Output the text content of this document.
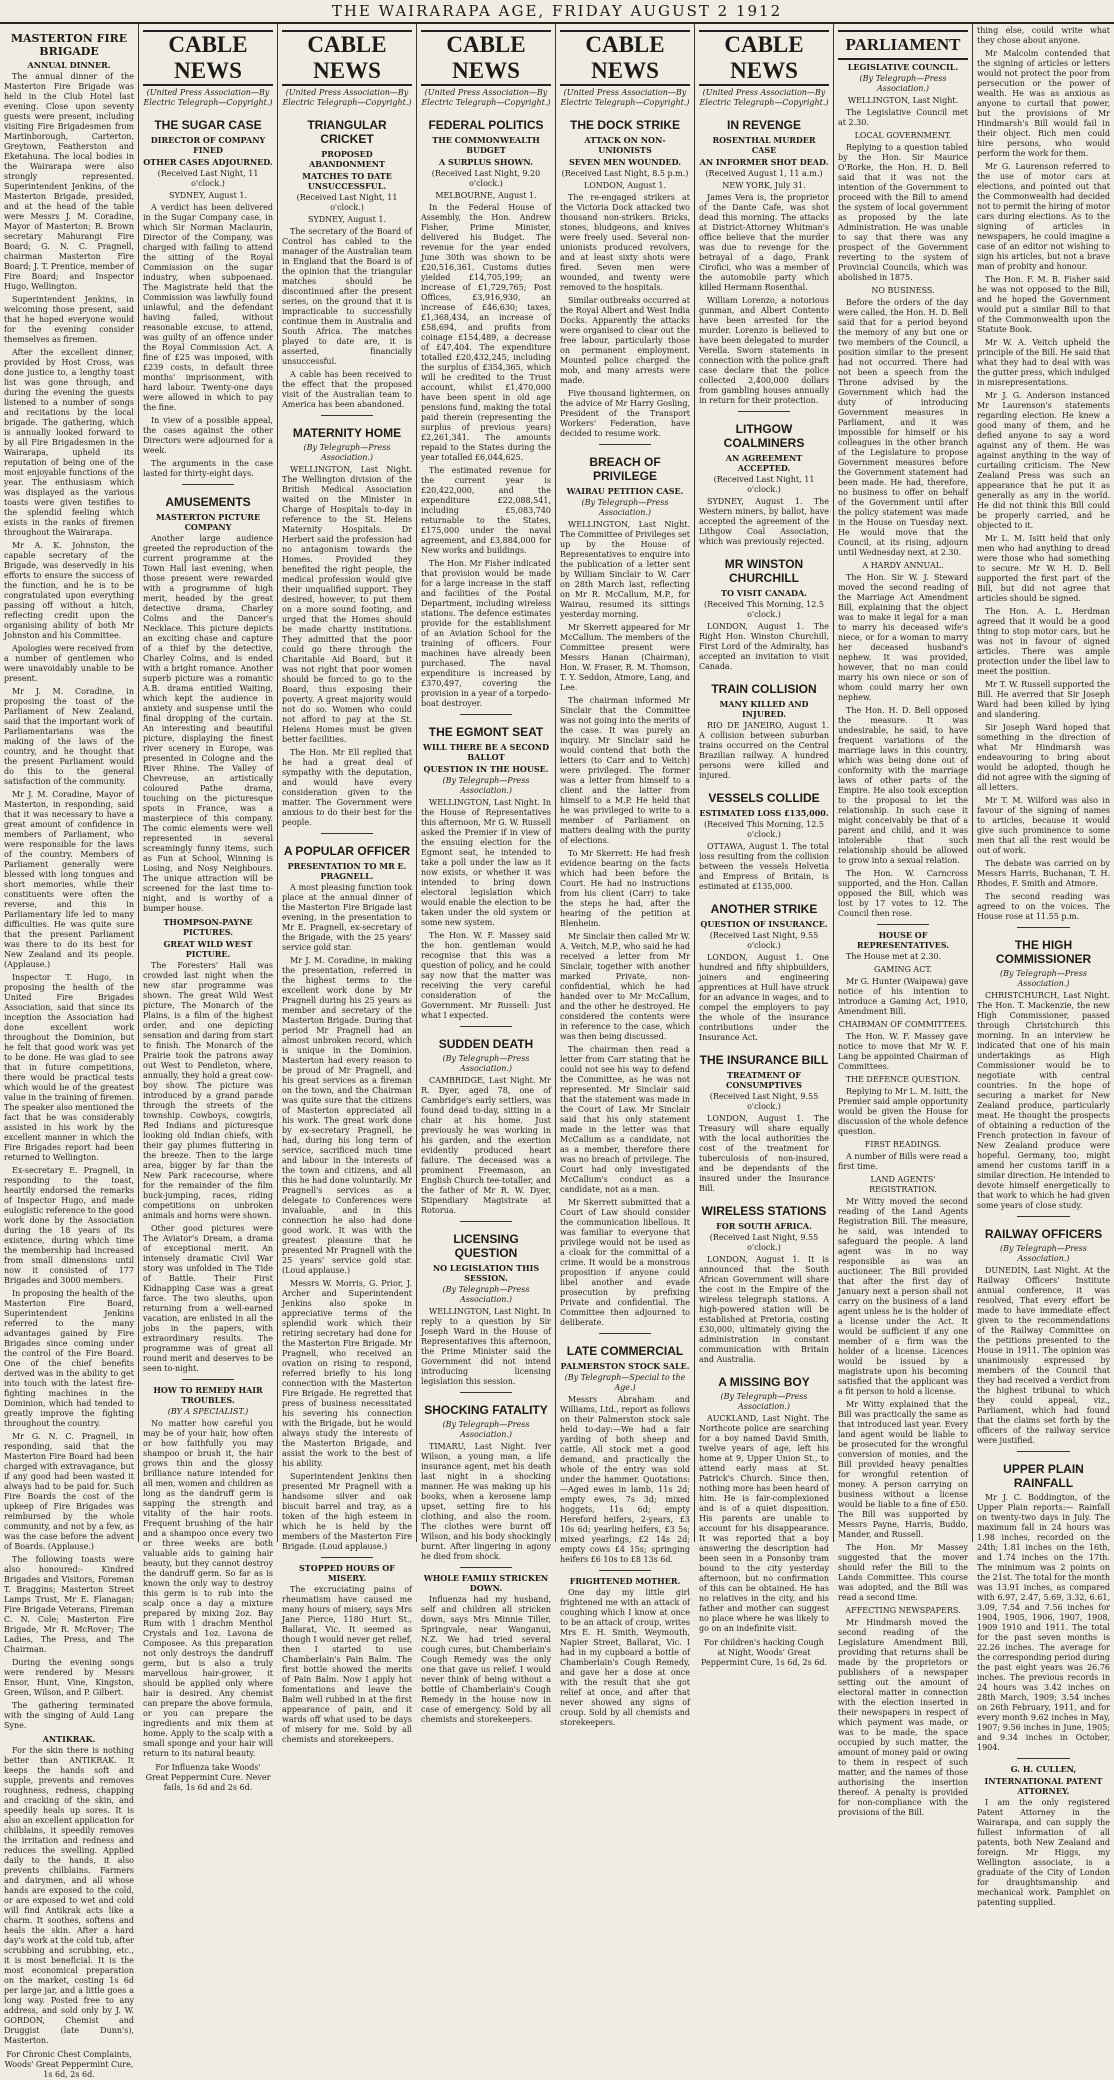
THE WAIRARAPA AGE, FRIDAY AUGUST 2 1912
MASTERTON FIRE BRIGADE
ANNUAL DINNER.

The annual dinner of the Masterton Fire Brigade was held in the Club Hotel last evening. Close upon seventy guests were present, including visiting Fire Brigadesmen from Martinborough, Carterton, Greytown, Featherston and Eketahuna. The local bodies in the Wairarapa were also strongly represented. Superintendent Jenkins, of the Masterton Brigade, presided, and at the head of the table were Messrs J. M. Coradine, Mayor of Masterton; R. Brown secretary Mahurangi Fire Board; G. N. C. Pragnell, chairman Masterton Fire Board; J. T. Prentice, member of Fire Board; and Inspector Hugo, Wellington.

Superintendent Jenkins, in welcoming those present, said that he hoped everyone would for the evening consider themselves as firemen.

After the excellent dinner, provided by Host Cross, was done justice to, a lengthy toast list was gone through, and during the evening the guests listened to a number of songs and recitations by the local brigade. The gathering, which is annually looked forward to by all Fire Brigadesmen in the Wairarapa, upheld its reputation of being one of the most enjoyable functions of the year. The enthusiasm which was displayed as the various toasts were given testifies to the splendid feeling which exists in the ranks of firemen throughout the Wairarapa.

Mr A. K. Johnston, the capable secretary of the Brigade, was deservedly in his efforts to ensure the success of the function, and he is to be congratulated upon everything passing off without a hitch, reflecting credit upon the organising ability of both Mr Johnston and his Committee.

Apologies were received from a number of gentlemen who were unavoidably unable to be present.

Mr J. M. Coradine, in proposing the toast of the Parliament of New Zealand, said that the important work of Parliamentarians was the making of the laws of the country, and he thought that the present Parliament would do this to the general satisfaction of the community.

Mr J. M. Coradine, Mayor of Masterton, in responding, said that it was necessary to have a great amount of confidence in members of Parliament, who were responsible for the laws of the country. Members of Parliament generally were blessed with long tongues and short memories, while their constituents were often the reverse, and this in Parliamentary life led to many difficulties. He was quite sure that the present Parliament was there to do its best for New Zealand and its people. (Applause.)

Inspector T. Hugo, in proposing the health of the United Fire Brigades Association, said that since its inception the Association had done excellent work throughout the Dominion, but he felt that good work was yet to be done. He was glad to see that in future competitions, there would be practical tests which would be of the greatest value in the training of firemen. The speaker also mentioned the fact that he was considerably assisted in his work by the excellent manner in which the Fire Brigades report had been returned to Wellington.

Ex-secretary E. Pragnell, in responding to the toast, heartily endorsed the remarks of Inspector Hugo, and made eulogistic reference to the good work done by the Association during the 18 years of its existence, during which time the membership had increased from small dimensions until now it consisted of 177 Brigades and 3000 members.

In proposing the health of the Masterton Fire Board, Superintendent Jenkins referred to the many advantages gained by Fire Brigades since coming under the control of the Fire Board. One of the chief benefits derived was in the ability to get into touch with the latest fire-fighting machines in the Dominion, which had tended to greatly improve the fighting throughout the country.

Mr G. N. C. Pragnell, in responding, said that the Masterton Fire Board had been charged with extravagance, but if any good had been wasted it always had to be paid for. Such Fire Boards the cost of the upkeep of Fire Brigades was reimbursed by the whole community, and not by a few, as was the case before the advent of Boards. (Applause.)

The following toasts were also honoured:- Kindred Brigades and Visitors, Foreman T. Braggins; Masterton Street Lamps Trust, Mr E. Flanagan; Fire Brigade Veterans, Fireman C. N. Cole; Masterton Fire Brigade, Mr R. McRover; The Ladies, The Press, and The Chairman.

During the evening songs were rendered by Messrs Ensor, Hunt, Vine, Kingston, Green, Wilson, and P. Gilbert.

The gathering terminated with the singing of Auld Lang Syne.

ANTIKRAK.

For the skin there is nothing better than ANTIKRAK. It keeps the hands soft and supple, prevents and removes roughness, redness, chapping and cracking of the skin, and speedily heals up sores. It is also an excellent application for chilblains, it speedily removes the irritation and redness and reduces the swelling. Applied daily to the hands, it also prevents chilblains. Farmers and dairymen, and all whose hands are exposed to the cold, or are exposed to wet and cold will find Antikrak acts like a charm. It soothes, softens and heals the skin. After a hard day's work at the cold tub, after scrubbing and scrubbing, etc., it is most beneficial. It is the most economical preparation on the market, costing 1s 6d per large jar, and a little goes a long way. Posted free to any address, and sold only by J. W. GORDON, Chemist and Druggist (late Dunn's), Masterton.

For Chronic Chest Complaints, Woods' Great Peppermint Cure, 1s 6d, 2s 6d.
CABLE NEWS
(United Press Association—By Electric Telegraph—Copyright.)
THE SUGAR CASE
DIRECTOR OF COMPANY FINED
OTHER CASES ADJOURNED.
(Received Last Night, 11 o'clock.)
SYDNEY, August 1.

A verdict has been delivered in the Sugar Company case, in which Sir Norman Maclaurin, Director of the Company, was charged with failing to attend the sitting of the Royal Commission on the sugar industry, when subpoenaed. The Magistrate held that the Commission was lawfully found unlawful, and the defendant having failed, without reasonable excuse, to attend, was guilty of an offence under the Royal Commission Act. A fine of £25 was imposed, with £239 costs, in default three months' imprisonment, with hard labour. Twenty-one days were allowed in which to pay the fine.

In view of a possible appeal, the cases against the other Directors were adjourned for a week.

The arguments in the case lasted for thirty-eight days.

AMUSEMENTS
MASTERTON PICTURE COMPANY

Another large audience greeted the reproduction of the current programme at the Town Hall last evening, when those present were rewarded with a programme of high merit, headed by the great detective drama, Charley Colms and the Dancer's Necklace. This picture depicts an exciting chase and capture of a thief by the detective, Charley Colms, and is ended with a bright romance. Another superb picture was a romantic A.B. drama entitled Waiting, which kept the audience in anxiety and suspense until the final dropping of the curtain. An interesting and beautiful picture, displaying the finest river scenery in Europe, was presented in Cologne and the River Rhine. The Valley of Chevreuse, an artistically coloured Pathe drama, touching on the picturesque spots in France, was a masterpiece of this company. The comic elements were well represented in several screamingly funny items, such as Fun at School, Winning is Losing, and Nosy Neighbours. The unique attraction will be screened for the last time to-night, and is worthy of a bumper house.

THOMPSON-PAYNE PICTURES.
GREAT WILD WEST PICTURE.

The Foresters' Hall was crowded last night when the new star programme was shown. The great Wild West picture, The Monarch of the Plains, is a film of the highest order, and one depicting sensation and daring from start to finish. The Monarch of the Prairie took the patrons away out West to Pendleton, where, annually, they hold a great cow-boy show. The picture was introduced by a grand parade through the streets of the township. Cowboys, cowgirls, Red Indians and picturesque looking old Indian chiefs, with their gay plumes fluttering in the breeze. Then to the large area, bigger by far than the New Park racecourse, where for the remainder of the film buck-jumping, races, riding competitions on unbroken animals and horns were shown.

Other good pictures were The Aviator's Dream, a drama of exceptional merit. An intensely dramatic Civil War story was unfolded in The Tide of Battle. Their First Kidnapping Case was a great farce. The two sleuths, upon returning from a well-earned vacation, are enlisted in all the jobs in the papers, with extraordinary results. The programme was of great all round merit and deserves to be seen to-night.

HOW TO REMEDY HAIR TROUBLES.
(BY A SPECIALIST.)

No matter how careful you may be of your hair, how often or how faithfully you may shampoo or brush it, the hair grows thin and the glossy brilliance nature intended for all men, women and children as long as the dandruff germ is sapping the strength and vitality of the hair roots. Frequent brushing of the hair and a shampoo once every two or three weeks are both valuable aids to gaining hair beauty, but they cannot destroy the dandruff germ. So far as is known the only way to destroy this germ is to rub into the scalp once a day a mixture prepared by mixing 2oz. Bay Rum with 1 drachm Menthol Crystals and 1oz. Lavona de Composee. As this preparation not only destroys the dandruff germ, but is also a truly marvellous hair-grower, it should be applied only where hair is desired. Any chemist can prepare the above formula, or you can prepare the ingredients and mix them at home. Apply to the scalp with a small sponge and your hair will return to its natural beauty.

For Influenza take Woods' Great Peppermint Cure. Never fails, 1s 6d and 2s 6d.
CABLE NEWS
(United Press Association—By Electric Telegraph—Copyright.)
TRIANGULAR CRICKET
PROPOSED ABANDONMENT
MATCHES TO DATE UNSUCCESSFUL.
(Received Last Night, 11 o'clock.)
SYDNEY, August 1.

The secretary of the Board of Control has cabled to the manager of the Australian team in England that the Board is of the opinion that the triangular matches should be discontinued after the present series, on the ground that it is impracticable to successfully continue them in Australia and South Africa. The matches played to date are, it is asserted, financially unsuccessful.

A cable has been received to the effect that the proposed visit of the Australian team to America has been abandoned.

MATERNITY HOME
(By Telegraph—Press Association.)

WELLINGTON, Last Night. The Wellington division of the British Medical Association waited on the Minister in Charge of Hospitals to-day in reference to the St. Helens Maternity Hospitals. Dr Herbert said the profession had no antagonism towards the Homes. Provided they benefited the right people, the medical profession would give their unqualified support. They desired, however, to put them on a more sound footing, and urged that the Homes should be made charity institutions. They admitted that the poor could go there through the Charitable Aid Board, but it was not right that poor women should be forced to go to the Board, thus exposing their poverty. A great majority would not do so. Women who could not afford to pay at the St. Helens Homes must be given better facilities.

The Hon. Mr Ell replied that he had a great deal of sympathy with the deputation, and would have every consideration given to the matter. The Government were anxious to do their best for the people.

A POPULAR OFFICER
PRESENTATION TO MR E. PRAGNELL.

A most pleasing function took place at the annual dinner of the Masterton Fire Brigade last evening, in the presentation to Mr E. Pragnell, ex-secretary of the Brigade, with the 25 years' service gold star.

Mr J. M. Coradine, in making the presentation, referred in the highest terms to the excellent work done by Mr Pragnell during his 25 years as member and secretary of the Masterton Brigade. During that period Mr Pragnell had an almost unbroken record, which is unique in the Dominion. Masterton had every reason to be proud of Mr Pragnell, and his great services as a fireman on the town, and the Chairman was quite sure that the citizens of Masterton appreciated all his work. The great work done by ex-secretary Pragnell, he had, during his long term of service, sacrificed much time and labour in the interests of the town and citizens, and all this he had done voluntarily. Mr Pragnell's services as a delegate to Conferences were invaluable, and in this connection he also had done good work. It was with the greatest pleasure that he presented Mr Pragnell with the 25 years' service gold star. (Loud applause.)

Messrs W. Morris, G. Prior, J. Archer and Superintendent Jenkins also spoke in appreciative terms of the splendid work which their retiring secretary had done for the Masterton Fire Brigade. Mr Pragnell, who received an ovation on rising to respond, referred briefly to his long connection with the Masterton Fire Brigade. He regretted that press of business necessitated his severing his connection with the Brigade, but he would always study the interests of the Masterton Brigade, and assist the work to the best of his ability.

Superintendent Jenkins then presented Mr Pragnell with a handsome silver and oak biscuit barrel and tray, as a token of the high esteem in which he is held by the members of the Masterton Fire Brigade. (Loud applause.)

STOPPED HOURS OF MISERY.

The excruciating pains of rheumatism have caused me many hours of misery, says Mrs Jane Pierce, 1180 Hurt St., Ballarat, Vic. It seemed as though I would never get relief, then I started to use Chamberlain's Pain Balm. The first bottle showed the merits of Pain Balm. Now I apply hot fomentations and leave the Balm well rubbed in at the first appearance of pain, and it wards off what used to be days of misery for me. Sold by all chemists and storekeepers.

CABLE NEWS
(United Press Association—By Electric Telegraph—Copyright.)
FEDERAL POLITICS
THE COMMONWEALTH BUDGET
A SURPLUS SHOWN.
(Received Last Night, 9.20 o'clock.)
MELBOURNE, August 1.

In the Federal House of Assembly, the Hon. Andrew Fisher, Prime Minister, delivered his Budget. The revenue for the year ended June 30th was shown to be £20,516,361. Customs duties yielded £14,705,199; an increase of £1,729,765; Post Offices, £3,916,930, an increase of £46,630; taxes, £1,368,434, an increase of £58,694, and profits from coinage £154,489, a decrease of £47,404. The expenditure totalled £20,432,245, including the surplus of £354,365, which will be credited to the Trust account, whilst £1,470,000 have been spent in old age pensions fund, making the total paid therein (representing the surplus of previous years) £2,261,341. The amounts repaid to the States during the year totalled £6,044,625.

The estimated revenue for the current year is £20,422,000, and the expenditure £22,088,541, including £5,083,740 returnable to the States, £175,000 under the naval agreement, and £3,884,000 for New works and buildings.

The Hon. Mr Fisher indicated that provision would be made for a large increase in the staff and facilities of the Postal Department, including wireless stations. The defence estimates provide for the establishment of an Aviation School for the training of officers. Four machines have already been purchased. The naval expenditure is increased by £370,497, covering the provision in a year of a torpedo-boat destroyer.

THE EGMONT SEAT
WILL THERE BE A SECOND BALLOT
QUESTION IN THE HOUSE.
(By Telegraph—Press Association.)

WELLINGTON, Last Night. In the House of Representatives this afternoon, Mr G. W. Russell asked the Premier if in view of the ensuing election for the Egmont seat, he intended to take a poll under the law as it now exists, or whether it was intended to bring down electoral legislation which would enable the election to be taken under the old system or some new system.

The Hon. W. F. Massey said the hon. gentleman would recognise that this was a question of policy, and he could say now that the matter was receiving the very careful consideration of the Government. Mr Russell: Just what I expected.

SUDDEN DEATH
(By Telegraph—Press Association.)

CAMBRIDGE, Last Night. Mr R. Dyer, aged 78, one of Cambridge's early settlers, was found dead to-day, sitting in a chair at his home. Just previously he was working in his garden, and the exertion evidently produced heart failure. The deceased was a prominent Freemason, an English Church tee-totaller, and the father of Mr R. W. Dyer, Stipendiary Magistrate at Rotorua.

LICENSING QUESTION
NO LEGISLATION THIS SESSION.
(By Telegraph—Press Association.)

WELLINGTON, Last Night. In reply to a question by Sir Joseph Ward in the House of Representatives this afternoon, the Prime Minister said the Government did not intend introducing licensing legislation this session.

SHOCKING FATALITY
(By Telegraph—Press Association.)

TIMARU, Last Night. Iver Wilson, a young man, a life insurance agent, met his death last night in a shocking manner. He was making up his books, when a kerosene lamp upset, setting fire to his clothing, and also the room. The clothes were burnt off Wilson, and his body shockingly burnt. After lingering in agony he died from shock.

WHOLE FAMILY STRICKEN DOWN.

Influenza had my husband, self and children all stricken down, says Mrs Minnie Tiller, Springvale, near Wanganui, N.Z. We had tried several cough cures, but Chamberlain's Cough Remedy was the only one that gave us relief. I would never think of being without a bottle of Chamberlain's Cough Remedy in the house now in case of emergency. Sold by all chemists and storekeepers.

CABLE NEWS
(United Press Association—By Electric Telegraph—Copyright.)
THE DOCK STRIKE
ATTACK ON NON-UNIONISTS
SEVEN MEN WOUNDED.
(Received Last Night, 8.5 p.m.)
LONDON, August 1.

The re-engaged strikers at the Victoria Dock attacked two thousand non-strikers. Bricks, stones, bludgeons, and knives were freely used. Several non-unionists produced revolvers, and at least sixty shots were fired. Seven men were wounded, and twenty were removed to the hospitals.

Similar outbreaks occurred at the Royal Albert and West India Docks. Apparently the attacks were organised to clear out the free labour, particularly those on permanent employment. Mounted police charged the mob, and many arrests were made.

Five thousand lightermen, on the advice of Mr Harry Gosling, President of the Transport Workers' Federation, have decided to resume work.

BREACH OF PRIVILEGE
WAIRAU PETITION CASE.
(By Telegraph—Press Association.)

WELLINGTON, Last Night. The Committee of Privileges set up by the House of Representatives to enquire into the publication of a letter sent by William Sinclair to W. Carr on 28th March last, reflecting on Mr R. McCallum, M.P., for Wairau, resumed its sittings yesterday morning.

Mr Skerrett appeared for Mr McCallum. The members of the Committee present were Messrs Hanan (Chairman), Hon. W. Fraser, R. M. Thomson, T. Y. Seddon, Atmore, Lang, and Lee.

The chairman informed Mr Sinclair that the Committee was not going into the merits of the case. It was purely an inquiry. Mr Sinclair said he would contend that both the letters (to Carr and to Veitch) were privileged. The former was a letter from himself to a client and the latter from himself to a M.P. He held that he was privileged to write to a member of Parliament on matters dealing with the purity of elections.

To Mr Skerrett: He had fresh evidence bearing on the facts which had been before the Court. He had no instructions from his client (Carr) to take the steps he had, after the hearing of the petition at Blenheim.

Mr Sinclair then called Mr W. A. Veitch, M.P., who said he had received a letter from Mr Sinclair, together with another marked Private, non-confidential, which he had handed over to Mr McCallum, and the other he destroyed. He considered the contents were in reference to the case, which was then being discussed.

The chairman then read a letter from Carr stating that he could not see his way to defend the Committee, as he was not represented. Mr Sinclair said that the statement was made in the Court of Law. Mr Sinclair said that his only statement made in the letter was that McCallum as a candidate, not as a member, therefore there was no breach of privilege. The Court had only investigated McCallum's conduct as a candidate, not as a man.

Mr Skerrett submitted that a Court of Law should consider the communication libellous. It was familiar to everyone that privilege would not be used as a cloak for the committal of a crime. It would be a monstrous proposition if anyone could libel another and evade prosecution by prefixing Private and confidential. The Committee then adjourned to deliberate.

LATE COMMERCIAL
PALMERSTON STOCK SALE.
(By Telegraph—Special to the Age.)

Messrs Abraham and Williams, Ltd., report as follows on their Palmerston stock sale held to-day:—We had a fair yarding of both sheep and cattle. All stock met a good demand, and practically the whole of the entry was sold under the hammer. Quotations:—Aged ewes in lamb, 11s 2d; empty ewes, 7s 3d; mixed hoggets, 11s 6d; empty Hereford heifers, 2-years, £3 10s 6d; yearling heifers, £3 5s; mixed yearlings, £2 14s 2d; empty cows £4 15s; springing heifers £6 10s to £8 13s 6d.

FRIGHTENED MOTHER.

One day my little girl frightened me with an attack of coughing which I know at once to be an attack of croup, writes Mrs E. H. Smith, Weymouth, Napier Street, Ballarat, Vic. I had in my cupboard a bottle of Chamberlain's Cough Remedy, and gave her a dose at once with the result that she got relief at once, and after that never showed any signs of croup. Sold by all chemists and storekeepers.

CABLE NEWS
(United Press Association—By Electric Telegraph—Copyright.)
IN REVENGE
ROSENTHAL MURDER CASE
AN INFORMER SHOT DEAD.
(Received August 1, 11 a.m.)
NEW YORK, July 31.

James Vera is, the proprietor of the Dante Cafe, was shot dead this morning. The attacks at District-Attorney Whitman's office believe that the murder was due to revenge for the betrayal of a dago, Frank Cirofici, who was a member of the automobile party which killed Hermann Rosenthal.

William Lorenzo, a notorious gunman, and Albert Contento have been arrested for the murder. Lorenzo is believed to have been delegated to murder Verella. Sworn statements in connection with the police graft case declare that the police collected 2,400,000 dollars from gambling houses annually in return for their protection.

LITHGOW COALMINERS
AN AGREEMENT ACCEPTED.
(Received Last Night, 11 o'clock.)

SYDNEY, August 1. The Western miners, by ballot, have accepted the agreement of the Lithgow Coal Association, which was previously rejected.

MR WINSTON CHURCHILL
TO VISIT CANADA.
(Received This Morning, 12.5 o'clock.)

LONDON, August 1. The Right Hon. Winston Churchill, First Lord of the Admiralty, has accepted an invitation to visit Canada.

TRAIN COLLISION
MANY KILLED AND INJURED.

RIO DE JANEIRO, August 1. A collision between suburban trains occurred on the Central Brazilian railway. A hundred persons were killed and injured.

VESSELS COLLIDE
ESTIMATED LOSS £135,000.
(Received This Morning, 12.5 o'clock.)

OTTAWA, August 1. The total loss resulting from the collision between the vessels Helvetia and Empress of Britain, is estimated at £135,000.

ANOTHER STRIKE
QUESTION OF INSURANCE.
(Received Last Night, 9.55 o'clock.)

LONDON, August 1. One hundred and fifty shipbuilders, joiners and engineering apprentices at Hull have struck for an advance in wages, and to compel the employers to pay the whole of the insurance contributions under the Insurance Act.

THE INSURANCE BILL
TREATMENT OF CONSUMPTIVES
(Received Last Night, 9.55 o'clock.)

LONDON, August 1. The Treasury will share equally with the local authorities the cost of the treatment for tuberculosis of non-insured, and be dependants of the insured under the Insurance Bill.

WIRELESS STATIONS
FOR SOUTH AFRICA.
(Received Last Night, 9.55 o'clock.)

LONDON, August 1. It is announced that the South African Government will share the cost in the Empire of the wireless telegraph stations. A high-powered station will be established at Pretoria, costing £30,000, ultimately giving the administration in constant communication with Britain and Australia.

A MISSING BOY
(By Telegraph—Press Association.)

AUCKLAND, Last Night. The Northcote police are searching for a boy named David Smith, twelve years of age, left his home at 9, Upper Union St., to attend early mass at St. Patrick's Church. Since then, nothing more has been heard of him. He is fair-complexioned and is of a quiet disposition. His parents are unable to account for his disappearance. It was reported that a boy answering the description had been seen in a Ponsonby tram bound to the city yesterday afternoon, but no confirmation of this can be obtained. He has no relatives in the city, and his father and mother can suggest no place where he was likely to go on an indefinite visit.

For children's hacking Cough at Night, Woods' Great Peppermint Cure, 1s 6d, 2s 6d.
PARLIAMENT
LEGISLATIVE COUNCIL.
(By Telegraph—Press Association.)
WELLINGTON, Last Night.

The Legislative Council met at 2.30.

LOCAL GOVERNMENT.

Replying to a question tabled by the Hon. Sir Maurice O'Rorke, the Hon. H. D. Bell said that it was not the intention of the Government to proceed with the Bill to amend the system of local government as proposed by the late Administration. He was unable to say that there was any prospect of the Government reverting to the system of Provincial Councils, which was abolished in 1875.

NO BUSINESS.

Before the orders of the day were called, the Hon. H. D. Bell said that for a period beyond the memory of any but one or two members of the Council, a position similar to the present had not occurred. There had not been a speech from the Throne advised by the Government which had the duty of introducing Government measures in Parliament, and it was impossible for himself or his colleagues in the other branch of the Legislature to propose Government measures before the Government statement had been made. He had, therefore, no business to offer on behalf of the Government until after the policy statement was made in the House on Tuesday next. He would move that the Council, at its rising, adjourn until Wednesday next, at 2.30.

A HARDY ANNUAL.

The Hon. Sir W. J. Steward moved the second reading of the Marriage Act Amendment Bill, explaining that the object was to make it legal for a man to marry his deceased wife's niece, or for a woman to marry her deceased husband's nephew. It was provided, however, that no man could marry his own niece or son of whom could marry her own nephew.

The Hon. H. D. Bell opposed the measure. It was undesirable, he said, to have frequent variations of the marriage laws in this country, which was being done out of conformity with the marriage laws of other parts of the Empire. He also took exception to the proposal to let the relationship. In such case it might conceivably be that of a parent and child, and it was intolerable that such relationship should be allowed to grow into a sexual relation.

The Hon. W. Carncross supported, and the Hon. Callan opposed the Bill, which was lost by 17 votes to 12. The Council then rose.

HOUSE OF REPRESENTATIVES.

The House met at 2.30.

GAMING ACT.

Mr G. Hunter (Waipawa) gave notice of his intention to introduce a Gaming Act, 1910, Amendment Bill.

CHAIRMAN OF COMMITTEES.

The Hon. W. F. Massey gave notice to move that Mr W. F. Lang be appointed Chairman of Committees.

THE DEFENCE QUESTION.

Replying to Mr L. M. Isitt, the Premier said ample opportunity would be given the House for discussion of the whole defence question.

FIRST READINGS.

A number of Bills were read a first time.

LAND AGENTS' REGISTRATION.

Mr Witty moved the second reading of the Land Agents Registration Bill. The measure, he said, was intended to safeguard the people. A land agent was in no way responsible as was an auctioneer. The Bill provided that after the first day of January next a person shall not carry on the business of a land agent unless he is the holder of a license under the Act. It would be sufficient if any one member of a firm was the holder of a license. Licences would be issued by a magistrate upon his becoming satisfied that the applicant was a fit person to hold a license.

Mr Witty explained that the Bill was practically the same as that introduced last year. Every land agent would be liable to be prosecuted for the wrongful conversion of monies, and the Bill provided heavy penalties for wrongful retention of money. A person carrying on business without a license would be liable to a fine of £50. The Bill was supported by Messrs Payne, Harris, Buddo, Mander, and Russell.

The Hon. Mr Massey suggested that the mover should refer the Bill to the Lands Committee. This course was adopted, and the Bill was read a second time.

AFFECTING NEWSPAPERS.

Mr Hindmarsh moved the second reading of the Legislature Amendment Bill, providing that returns shall be made by the proprietors or publishers of a newspaper setting out the amount of electoral matter in connection with the election inserted in their newspapers in respect of which payment was made, or was to be made, the space occupied by such matter, the amount of money paid or owing to them in respect of such matter, and the names of those authorising the insertion thereof. A penalty is provided for non-compliance with the provisions of the Bill.

thing else, could write what they chose about anyone.

Mr Malcolm contended that the signing of articles or letters would not protect the poor from persecution or the power of wealth. He was as anxious as anyone to curtail that power, but the provisions of Mr Hindmarsh's Bill would fail in their object. Rich men could hire persons, who would perform the work for them.

Mr G. Laurenson referred to the use of motor cars at elections, and pointed out that the Commonwealth had decided not to permit the hiring of motor cars during elections. As to the signing of articles in newspapers, he could imagine a case of an editor not wishing to sign his articles, but not a brave man of probity and honour.

The Hon. F. M. B. Fisher said he was not opposed to the Bill, and he hoped the Government would put a similar Bill to that of the Commonwealth upon the Statute Book.

Mr W. A. Veitch upheld the principle of the Bill. He said that what they had to deal with was the gutter press, which indulged in misrepresentations.

Mr J. G. Anderson instanced Mr Laurenson's statements regarding election. He knew a good many of them, and he defied anyone to say a word against any of them. He was against anything in the way of curtailing criticism. The New Zealand Press was such an appearance that he put it as generally as any in the world. He did not think this Bill could be properly carried, and he objected to it.

Mr L. M. Isitt held that only men who had anything to dread were those who had something to secure. Mr W. H. D. Bell supported the first part of the Bill, but did not agree that articles should be signed.

The Hon. A. L. Herdman agreed that it would be a good thing to stop motor cars, but he was not in favour of signed articles. There was ample protection under the libel law to meet the position.

Mr T. W. Russell supported the Bill. He averred that Sir Joseph Ward had been killed by lying and slandering.

Sir Joseph Ward hoped that something in the direction of what Mr Hindmarsh was endeavouring to bring about would be adopted, though he did not agree with the signing of all letters.

Mr T. M. Wilford was also in favour of the signing of names to articles, because it would give such prominence to some men that all the rest would be out of work.

The debate was carried on by Messrs Harris, Buchanan, T. H. Rhodes, F. Smith and Atmore.

The second reading was agreed to on the voices. The House rose at 11.55 p.m.

THE HIGH COMMISSIONER
(By Telegraph—Press Association.)

CHRISTCHURCH, Last Night. The Hon. T. Mackenzie, the new High Commissioner, passed through Christchurch this morning. In an interview he indicated that one of his main undertakings as High Commissioner would be to negotiate with central countries. In the hope of securing a market for New Zealand produce, particularly meat. He thought the prospects of obtaining a reduction of the French protection in favour of New Zealand produce were hopeful. Germany, too, might amend her customs tariff in a similar direction. He intended to devote himself energetically to that work to which he had given some years of close study.

RAILWAY OFFICERS
(By Telegraph—Press Association.)

DUNEDIN, Last Night. At the Railway Officers' Institute annual conference, it was resolved, That every effort be made to have immediate effect given to the recommendations of the Railway Committee on the petitions presented to the House in 1911. The opinion was unanimously expressed by members of the Council that they had received a verdict from the highest tribunal to which they could appeal, viz., Parliament, which had found that the claims set forth by the officers of the railway service were justified.

UPPER PLAIN RAINFALL

Mr J. C. Boddington, of the Upper Plain reports:— Rainfall on twenty-two days in July. The maximum fall in 24 hours was 1.98 inches, recorded on the 24th; 1.81 inches on the 16th, and 1.74 inches on the 17th. The minimum was 2 points on the 21st. The total for the month was 13.91 inches, as compared with 6.97, 2.47, 5.69, 3.32, 6.61, 3.09, 7.54 and 7.56 inches for 1904, 1905, 1906, 1907, 1908, 1909 1910 and 1911. The total for the past seven months is 22.26 inches. The average for the corresponding period during the past eight years was 26.76 inches. The previous records in 24 hours was 3.42 inches on 28th March, 1909; 3.54 inches on 26th February, 1911, and for every month 9.62 inches in May, 1907; 9.56 inches in June, 1905; and 9.34 inches in October, 1904.

G. H. CULLEN,
INTERNATIONAL PATENT ATTORNEY.

I am the only registered Patent Attorney in the Wairarapa, and can supply the fullest information of all patents, both New Zealand and foreign. Mr Higgs, my Wellington associate, is a graduate of the City of London for draughtsmanship and mechanical work. Pamphlet on patenting supplied.
